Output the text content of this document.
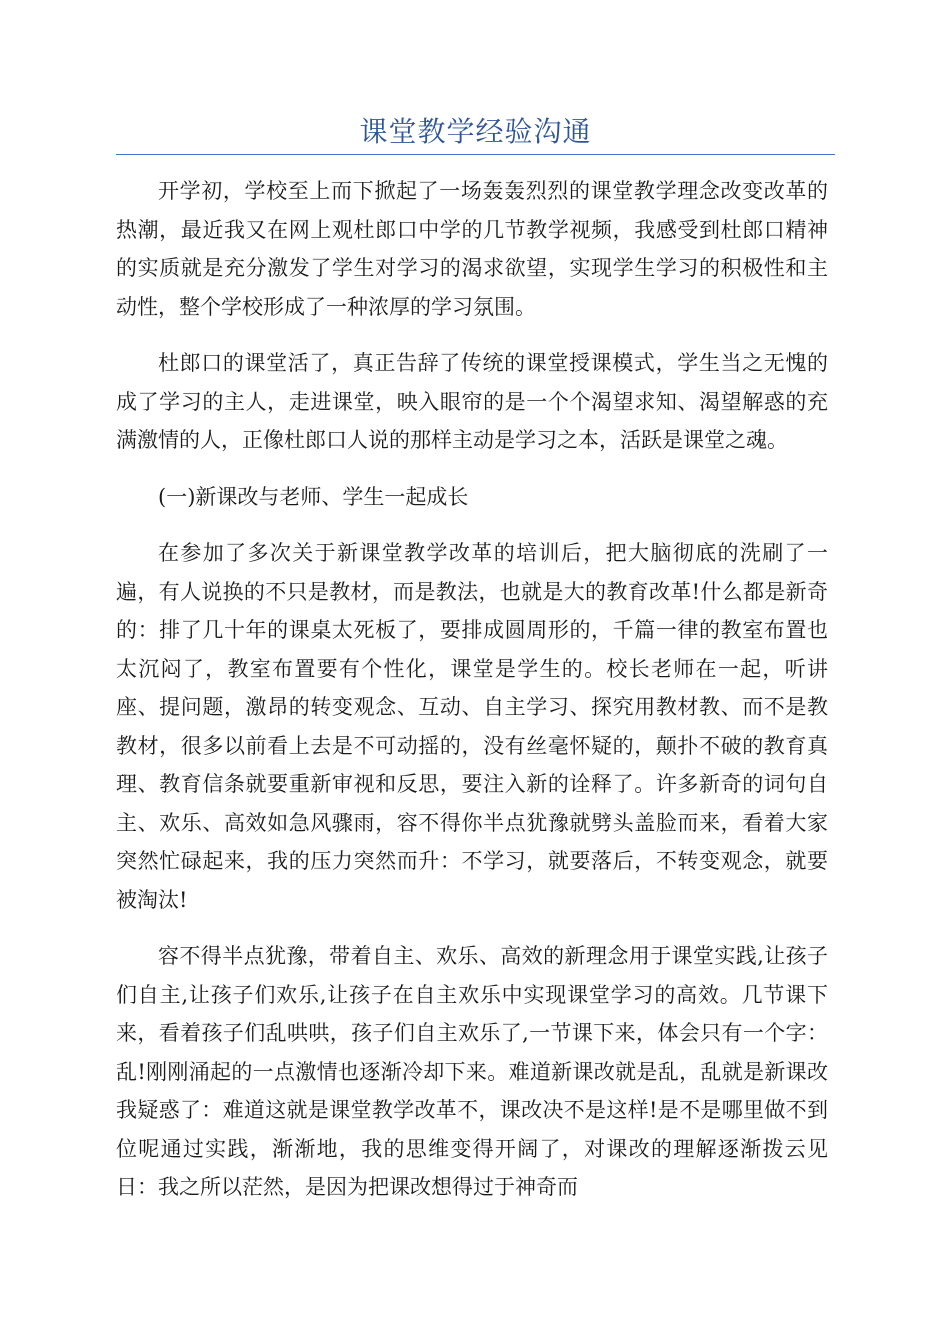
课堂教学经验沟通

开学初，学校至上而下掀起了一场轰轰烈烈的课堂教学理念改变改革的热潮，最近我又在网上观杜郎口中学的几节教学视频，我感受到杜郎口精神的实质就是充分激发了学生对学习的渴求欲望，实现学生学习的积极性和主动性，整个学校形成了一种浓厚的学习氛围。

杜郎口的课堂活了，真正告辞了传统的课堂授课模式，学生当之无愧的成了学习的主人，走进课堂，映入眼帘的是一个个渴望求知、渴望解惑的充满激情的人，正像杜郎口人说的那样主动是学习之本，活跃是课堂之魂。

(一)新课改与老师、学生一起成长

在参加了多次关于新课堂教学改革的培训后，把大脑彻底的洗刷了一遍，有人说换的不只是教材，而是教法，也就是大的教育改革!什么都是新奇的：排了几十年的课桌太死板了，要排成圆周形的，千篇一律的教室布置也太沉闷了，教室布置要有个性化，课堂是学生的。校长老师在一起，听讲座、提问题，激昂的转变观念、互动、自主学习、探究用教材教、而不是教教材，很多以前看上去是不可动摇的，没有丝毫怀疑的，颠扑不破的教育真理、教育信条就要重新审视和反思，要注入新的诠释了。许多新奇的词句自主、欢乐、高效如急风骤雨，容不得你半点犹豫就劈头盖脸而来，看着大家突然忙碌起来，我的压力突然而升：不学习，就要落后，不转变观念，就要被淘汰!

容不得半点犹豫，带着自主、欢乐、高效的新理念用于课堂实践,让孩子们自主,让孩子们欢乐,让孩子在自主欢乐中实现课堂学习的高效。几节课下来，看着孩子们乱哄哄，孩子们自主欢乐了,一节课下来，体会只有一个字：乱!刚刚涌起的一点激情也逐渐冷却下来。难道新课改就是乱，乱就是新课改我疑惑了：难道这就是课堂教学改革不，课改决不是这样!是不是哪里做不到位呢通过实践，渐渐地，我的思维变得开阔了，对课改的理解逐渐拨云见日：我之所以茫然，是因为把课改想得过于神奇而
